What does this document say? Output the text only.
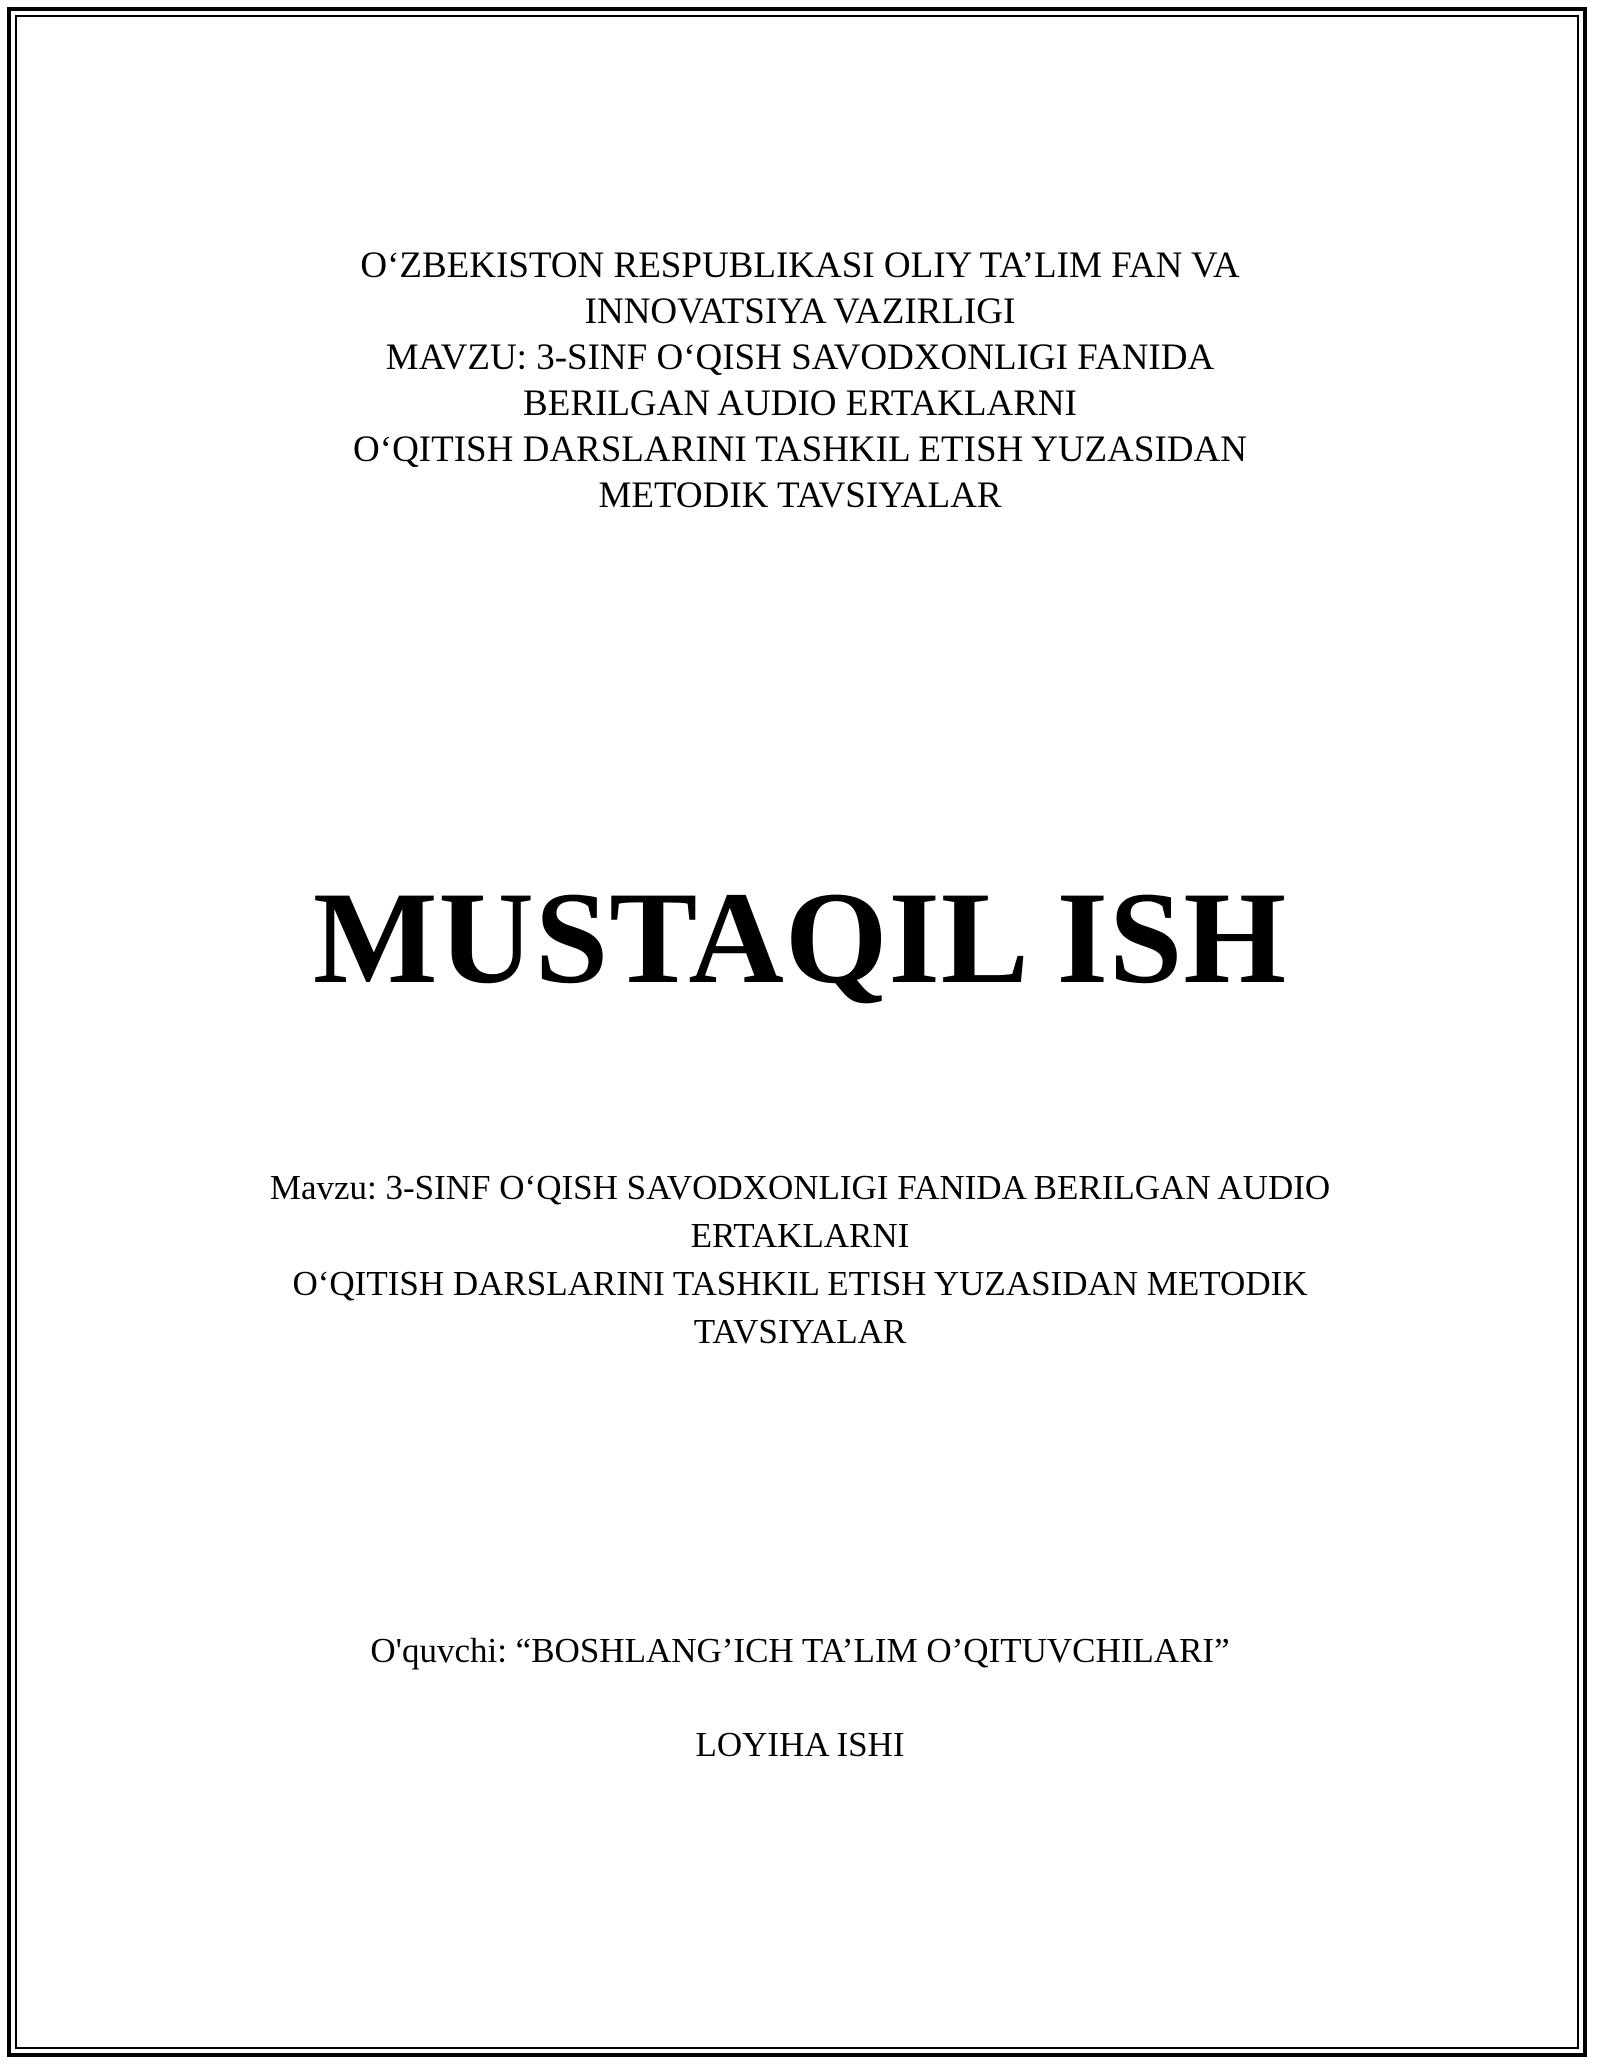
O‘ZBEKISTON RESPUBLIKASI OLIY TA’LIM FAN VA
INNOVATSIYA VAZIRLIGI
MAVZU: 3-SINF O‘QISH SAVODXONLIGI FANIDA
BERILGAN AUDIO ERTAKLARNI
O‘QITISH DARSLARINI TASHKIL ETISH YUZASIDAN
METODIK TAVSIYALAR
MUSTAQIL ISH
Mavzu: 3-SINF O‘QISH SAVODXONLIGI FANIDA BERILGAN AUDIO
ERTAKLARNI
O‘QITISH DARSLARINI TASHKIL ETISH YUZASIDAN METODIK
TAVSIYALAR
O'quvchi: “BOSHLANG’ICH TA’LIM O’QITUVCHILARI”
LOYIHA ISHI
